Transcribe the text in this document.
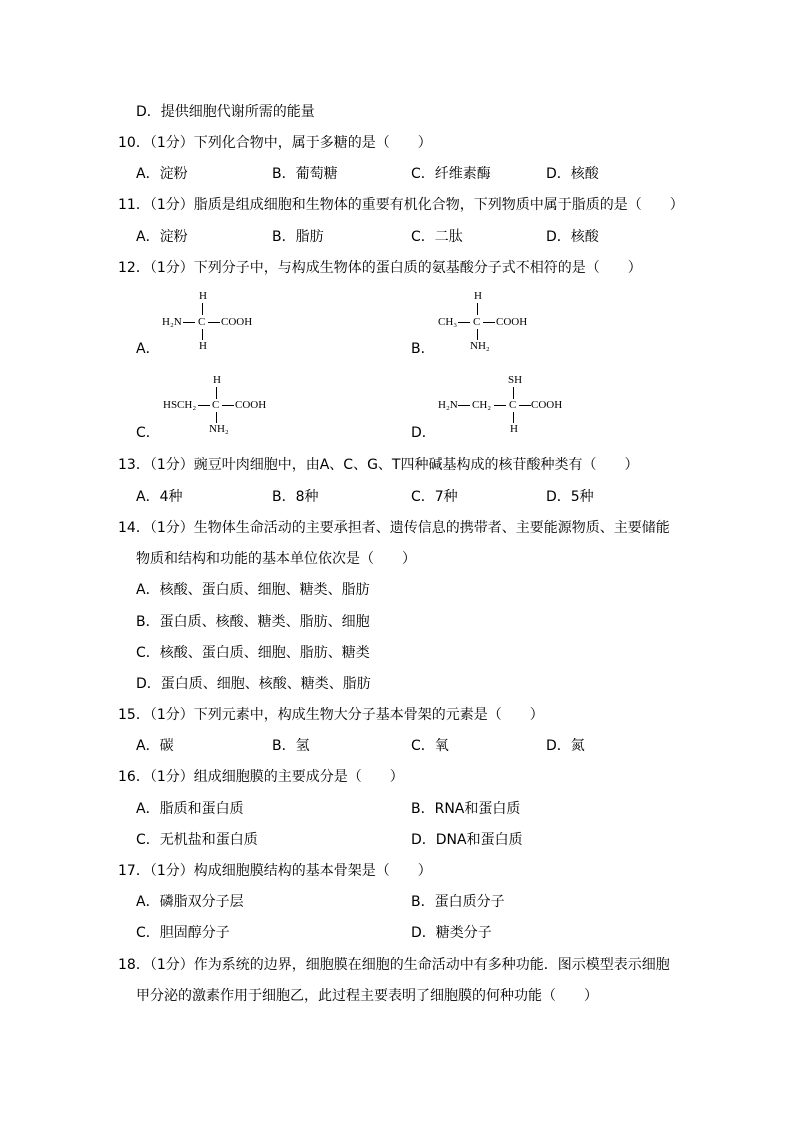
D．提供细胞代谢所需的能量
10．（1分）下列化合物中，属于多糖的是（　　）
A．淀粉	B．葡萄糖	C．纤维素酶	D．核酸
11．（1分）脂质是组成细胞和生物体的重要有机化合物，下列物质中属于脂质的是（　　）
A．淀粉	B．脂肪	C．二肽	D．核酸
12．（1分）下列分子中，与构成生物体的蛋白质的氨基酸分子式不相符的是（　　）
H
H₂N C COOH
H
A．
H
CH₃ C COOH
NH₂
B．
H
HSCH₂ C COOH
NH₂
C．
SH
H₂N CH₂ C COOH
H
D．
13．（1分）豌豆叶肉细胞中，由A、C、G、T四种碱基构成的核苷酸种类有（　　）
A．4种	B．8种	C．7种	D．5种
14．（1分）生物体生命活动的主要承担者、遗传信息的携带者、主要能源物质、主要储能
物质和结构和功能的基本单位依次是（　　）
A．核酸、蛋白质、细胞、糖类、脂肪
B．蛋白质、核酸、糖类、脂肪、细胞
C．核酸、蛋白质、细胞、脂肪、糖类
D．蛋白质、细胞、核酸、糖类、脂肪
15．（1分）下列元素中，构成生物大分子基本骨架的元素是（　　）
A．碳	B．氢	C．氧	D．氮
16．（1分）组成细胞膜的主要成分是（　　）
A．脂质和蛋白质	B．RNA和蛋白质
C．无机盐和蛋白质	D．DNA和蛋白质
17．（1分）构成细胞膜结构的基本骨架是（　　）
A．磷脂双分子层	B．蛋白质分子
C．胆固醇分子	D．糖类分子
18．（1分）作为系统的边界，细胞膜在细胞的生命活动中有多种功能．图示模型表示细胞
甲分泌的激素作用于细胞乙，此过程主要表明了细胞膜的何种功能（　　）
